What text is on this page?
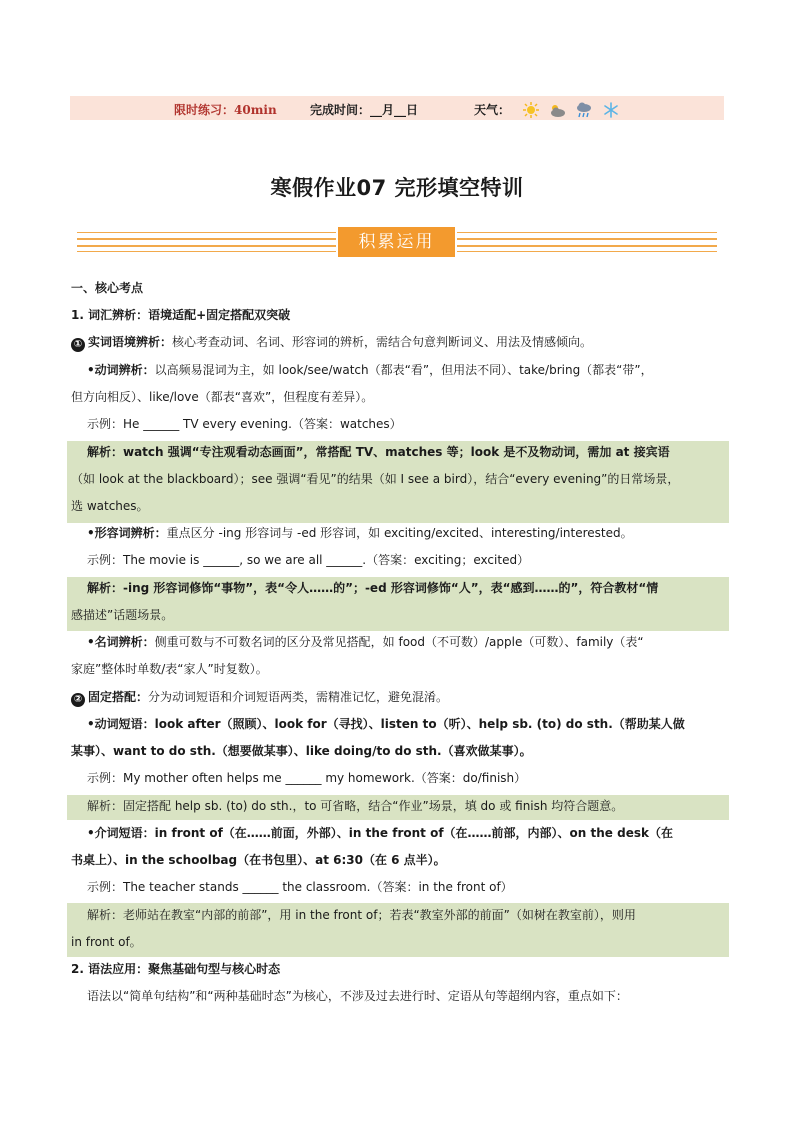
限时练习：40min	完成时间：__月__日	天气：

寒假作业07 完形填空特训
积累运用
一、核心考点
1. 词汇辨析：语境适配+固定搭配双突破
① 实词语境辨析：核心考查动词、名词、形容词的辨析，需结合句意判断词义、用法及情感倾向。
•动词辨析：以高频易混词为主，如 look/see/watch（都表“看”，但用法不同）、take/bring（都表“带”，
但方向相反）、like/love（都表“喜欢”，但程度有差异）。
示例：He ______ TV every evening.（答案：watches）
解析：watch 强调“专注观看动态画面”，常搭配 TV、matches 等；look 是不及物动词，需加 at 接宾语
（如 look at the blackboard）；see 强调“看见”的结果（如 I see a bird），结合“every evening”的日常场景，
选 watches。
•形容词辨析：重点区分 -ing 形容词与 -ed 形容词，如 exciting/excited、interesting/interested。
示例：The movie is ______, so we are all ______.（答案：exciting；excited）
解析：-ing 形容词修饰“事物”，表“令人……的”；-ed 形容词修饰“人”，表“感到……的”，符合教材“情
感描述”话题场景。
•名词辨析：侧重可数与不可数名词的区分及常见搭配，如 food（不可数）/apple（可数）、family（表“
家庭”整体时单数/表“家人”时复数）。
② 固定搭配：分为动词短语和介词短语两类，需精准记忆，避免混淆。
•动词短语：look after（照顾）、look for（寻找）、listen to（听）、help sb. (to) do sth.（帮助某人做
某事）、want to do sth.（想要做某事）、like doing/to do sth.（喜欢做某事）。
示例：My mother often helps me ______ my homework.（答案：do/finish）
解析：固定搭配 help sb. (to) do sth.，to 可省略，结合“作业”场景，填 do 或 finish 均符合题意。
•介词短语：in front of（在……前面，外部）、in the front of（在……前部，内部）、on the desk（在
书桌上）、in the schoolbag（在书包里）、at 6:30（在 6 点半）。
示例：The teacher stands ______ the classroom.（答案：in the front of）
解析：老师站在教室“内部的前部”，用 in the front of；若表“教室外部的前面”（如树在教室前），则用
in front of。
2. 语法应用：聚焦基础句型与核心时态
语法以“简单句结构”和“两种基础时态”为核心，不涉及过去进行时、定语从句等超纲内容，重点如下：
